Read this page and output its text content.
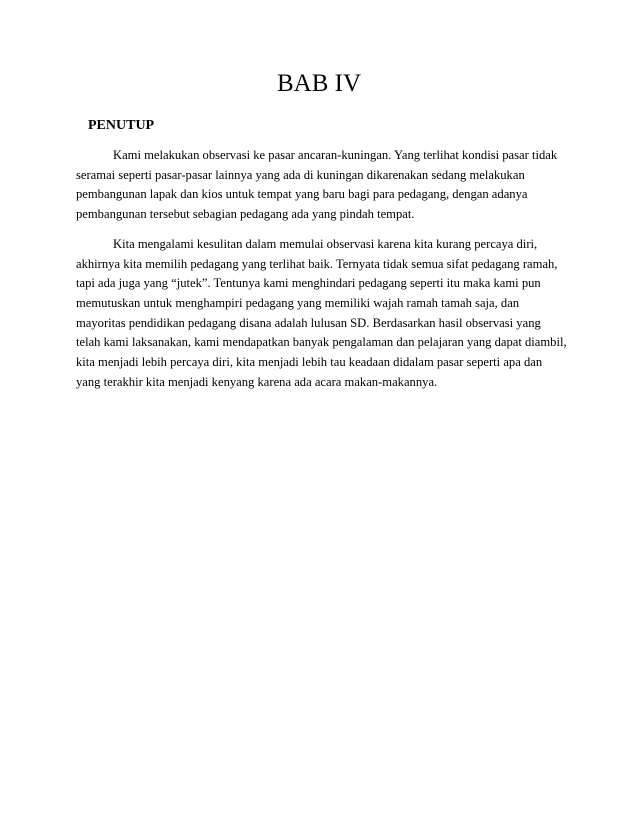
BAB IV
PENUTUP

Kami melakukan observasi ke pasar ancaran-kuningan. Yang terlihat kondisi pasar tidak seramai seperti pasar-pasar lainnya yang ada di kuningan dikarenakan sedang melakukan pembangunan lapak dan kios untuk tempat yang baru bagi para pedagang, dengan adanya pembangunan tersebut sebagian pedagang ada yang pindah tempat.

Kita mengalami kesulitan dalam memulai observasi karena kita kurang percaya diri, akhirnya kita memilih pedagang yang terlihat baik. Ternyata tidak semua sifat pedagang ramah, tapi ada juga yang “jutek”. Tentunya kami menghindari pedagang seperti itu maka kami pun memutuskan untuk menghampiri pedagang yang memiliki wajah ramah tamah saja, dan mayoritas pendidikan pedagang disana adalah lulusan SD. Berdasarkan hasil observasi yang telah kami laksanakan, kami mendapatkan banyak pengalaman dan pelajaran yang dapat diambil, kita menjadi lebih percaya diri, kita menjadi lebih tau keadaan didalam pasar seperti apa dan yang terakhir kita menjadi kenyang karena ada acara makan-makannya.
